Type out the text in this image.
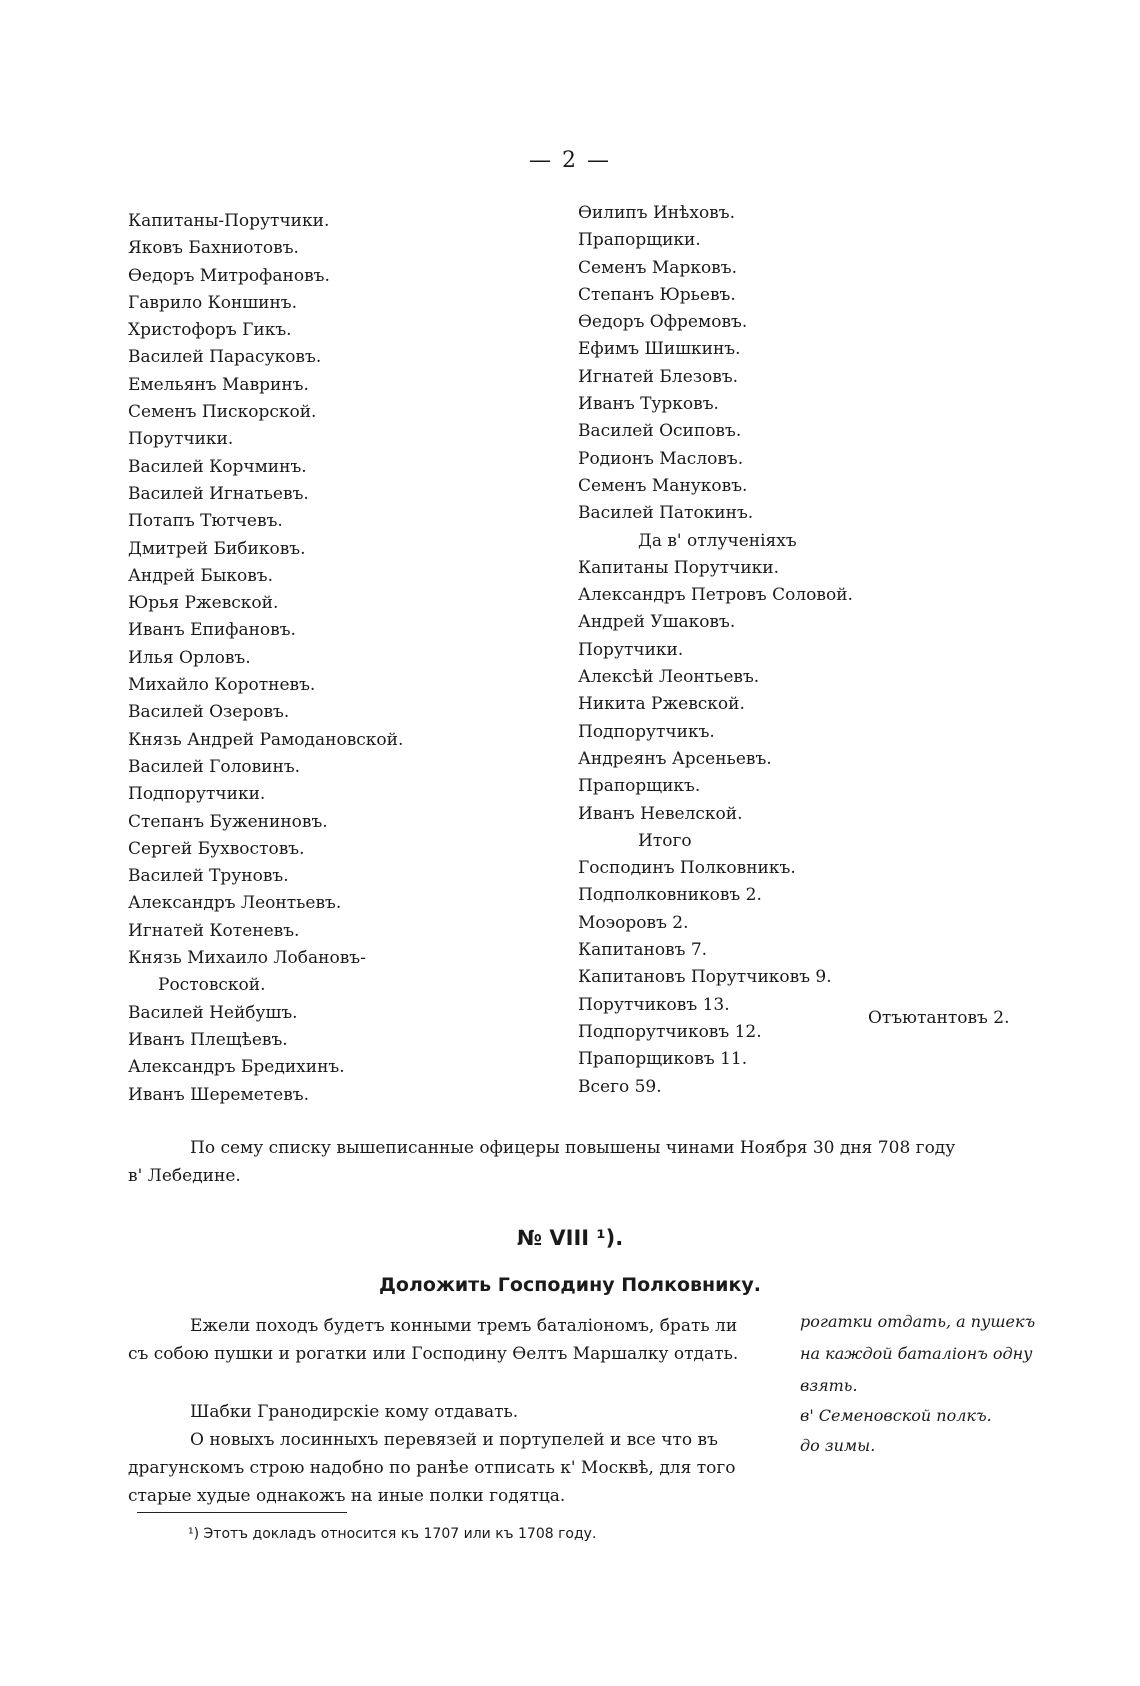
— 2 —
Капитаны-Порутчики.
Яковъ Бахниотовъ.
Ѳедоръ Митрофановъ.
Гаврило Коншинъ.
Христофоръ Гикъ.
Василей Парасуковъ.
Емельянъ Мавринъ.
Семенъ Пискорской.
Порутчики.
Василей Корчминъ.
Василей Игнатьевъ.
Потапъ Тютчевъ.
Дмитрей Бибиковъ.
Андрей Быковъ.
Юрья Ржевской.
Иванъ Епифановъ.
Илья Орловъ.
Михайло Коротневъ.
Василей Озеровъ.
Князь Андрей Рамодановской.
Василей Головинъ.
Подпорутчики.
Степанъ Бужениновъ.
Сергей Бухвостовъ.
Василей Труновъ.
Александръ Леонтьевъ.
Игнатей Котеневъ.
Князь Михаило Лобановъ-
Ростовской.
Василей Нейбушъ.
Иванъ Плещѣевъ.
Александръ Бредихинъ.
Иванъ Шереметевъ.
Ѳилипъ Инѣховъ.
Прапорщики.
Семенъ Марковъ.
Степанъ Юрьевъ.
Ѳедоръ Офремовъ.
Ефимъ Шишкинъ.
Игнатей Блезовъ.
Иванъ Турковъ.
Василей Осиповъ.
Родионъ Масловъ.
Семенъ Мануковъ.
Василей Патокинъ.
Да в' отлученіяхъ
Капитаны Порутчики.
Александръ Петровъ Соловой.
Андрей Ушаковъ.
Порутчики.
Алексѣй Леонтьевъ.
Никита Ржевской.
Подпорутчикъ.
Андреянъ Арсеньевъ.
Прапорщикъ.
Иванъ Невелской.
Итого
Господинъ Полковникъ.
Подполковниковъ 2.
Моэоровъ 2.
Капитановъ 7.
Капитановъ Порутчиковъ 9.
Порутчиковъ 13.
Подпорутчиковъ 12.
Прапорщиковъ 11.
Всего 59.
Отъютантовъ 2.
По сему списку вышеписанные офицеры повышены чинами Ноября 30 дня 708 году
в' Лебедине.
№ VIII ¹).
Доложить Господину Полковнику.
Ежели походъ будетъ конными тремъ баталіономъ, брать ли
съ собою пушки и рогатки или Господину Ѳелтъ Маршалку отдать.
Шабки Гранодирскіе кому отдавать.
О новыхъ лосинныхъ перевязей и портупелей и все что въ
драгунскомъ строю надобно по ранѣе отписать к' Москвѣ, для того
старые худые однакожъ на иные полки годятца.
рогатки отдать, а пушекъ
на каждой баталіонъ одну
взять.
в' Семеновской полкъ.
до зимы.
¹) Этотъ докладъ относится къ 1707 или къ 1708 году.
